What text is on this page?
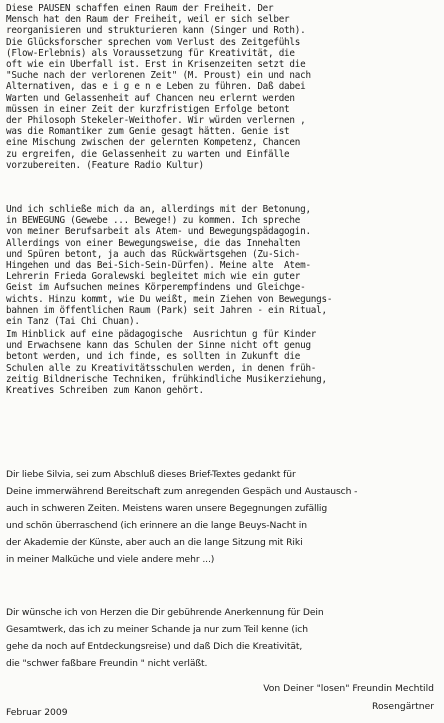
Diese PAUSEN schaffen einen Raum der Freiheit. Der
Mensch hat den Raum der Freiheit, weil er sich selber
reorganisieren und strukturieren kann (Singer und Roth).
Die Glücksforscher sprechen vom Verlust des Zeitgefühls
(Flow-Erlebnis) als Voraussetzung für Kreativität, die
oft wie ein Überfall ist. Erst in Krisenzeiten setzt die
"Suche nach der verlorenen Zeit" (M. Proust) ein und nach
Alternativen, das e i g e n e Leben zu führen. Daß dabei
Warten und Gelassenheit auf Chancen neu erlernt werden
müssen in einer Zeit der kurzfristigen Erfolge betont
der Philosoph Stekeler-Weithofer. Wir würden verlernen ,
was die Romantiker zum Genie gesagt hätten. Genie ist
eine Mischung zwischen der gelernten Kompetenz, Chancen
zu ergreifen, die Gelassenheit zu warten und Einfälle
vorzubereiten. (Feature Radio Kultur)
Und ich schließe mich da an, allerdings mit der Betonung,
in BEWEGUNG (Gewebe ... Bewege!) zu kommen. Ich spreche
von meiner Berufsarbeit als Atem- und Bewegungspädagogin.
Allerdings von einer Bewegungsweise, die das Innehalten
und Spüren betont, ja auch das Rückwärtsgehen (Zu-Sich-
Hingehen und das Bei-Sich-Sein-Dürfen). Meine alte  Atem-
Lehrerin Frieda Goralewski begleitet mich wie ein guter
Geist im Aufsuchen meines Körperempfindens und Gleichge-
wichts. Hinzu kommt, wie Du weißt, mein Ziehen von Bewegungs-
bahnen im öffentlichen Raum (Park) seit Jahren - ein Ritual,
ein Tanz (Tai Chi Chuan).
Im Hinblick auf eine pädagogische  Ausrichtun g für Kinder
und Erwachsene kann das Schulen der Sinne nicht oft genug
betont werden, und ich finde, es sollten in Zukunft die
Schulen alle zu Kreativitätsschulen werden, in denen früh-
zeitig Bildnerische Techniken, frühkindliche Musikerziehung,
Kreatives Schreiben zum Kanon gehört.
Dir liebe Silvia, sei zum Abschluß dieses Brief-Textes gedankt für
Deine immerwährend Bereitschaft zum anregenden Gespäch und Austausch -
auch in schweren Zeiten. Meistens waren unsere Begegnungen zufällig
und schön überraschend (ich erinnere an die lange Beuys-Nacht in
der Akademie der Künste, aber auch an die lange Sitzung mit Riki
in meiner Malküche und viele andere mehr ...)
Dir wünsche ich von Herzen die Dir gebührende Anerkennung für Dein
Gesamtwerk, das ich zu meiner Schande ja nur zum Teil kenne (ich
gehe da noch auf Entdeckungsreise) und daß Dich die Kreativität,
die "schwer faßbare Freundin " nicht verläßt.
Von Deiner "losen" Freundin Mechtild
Rosengärtner
Februar 2009
